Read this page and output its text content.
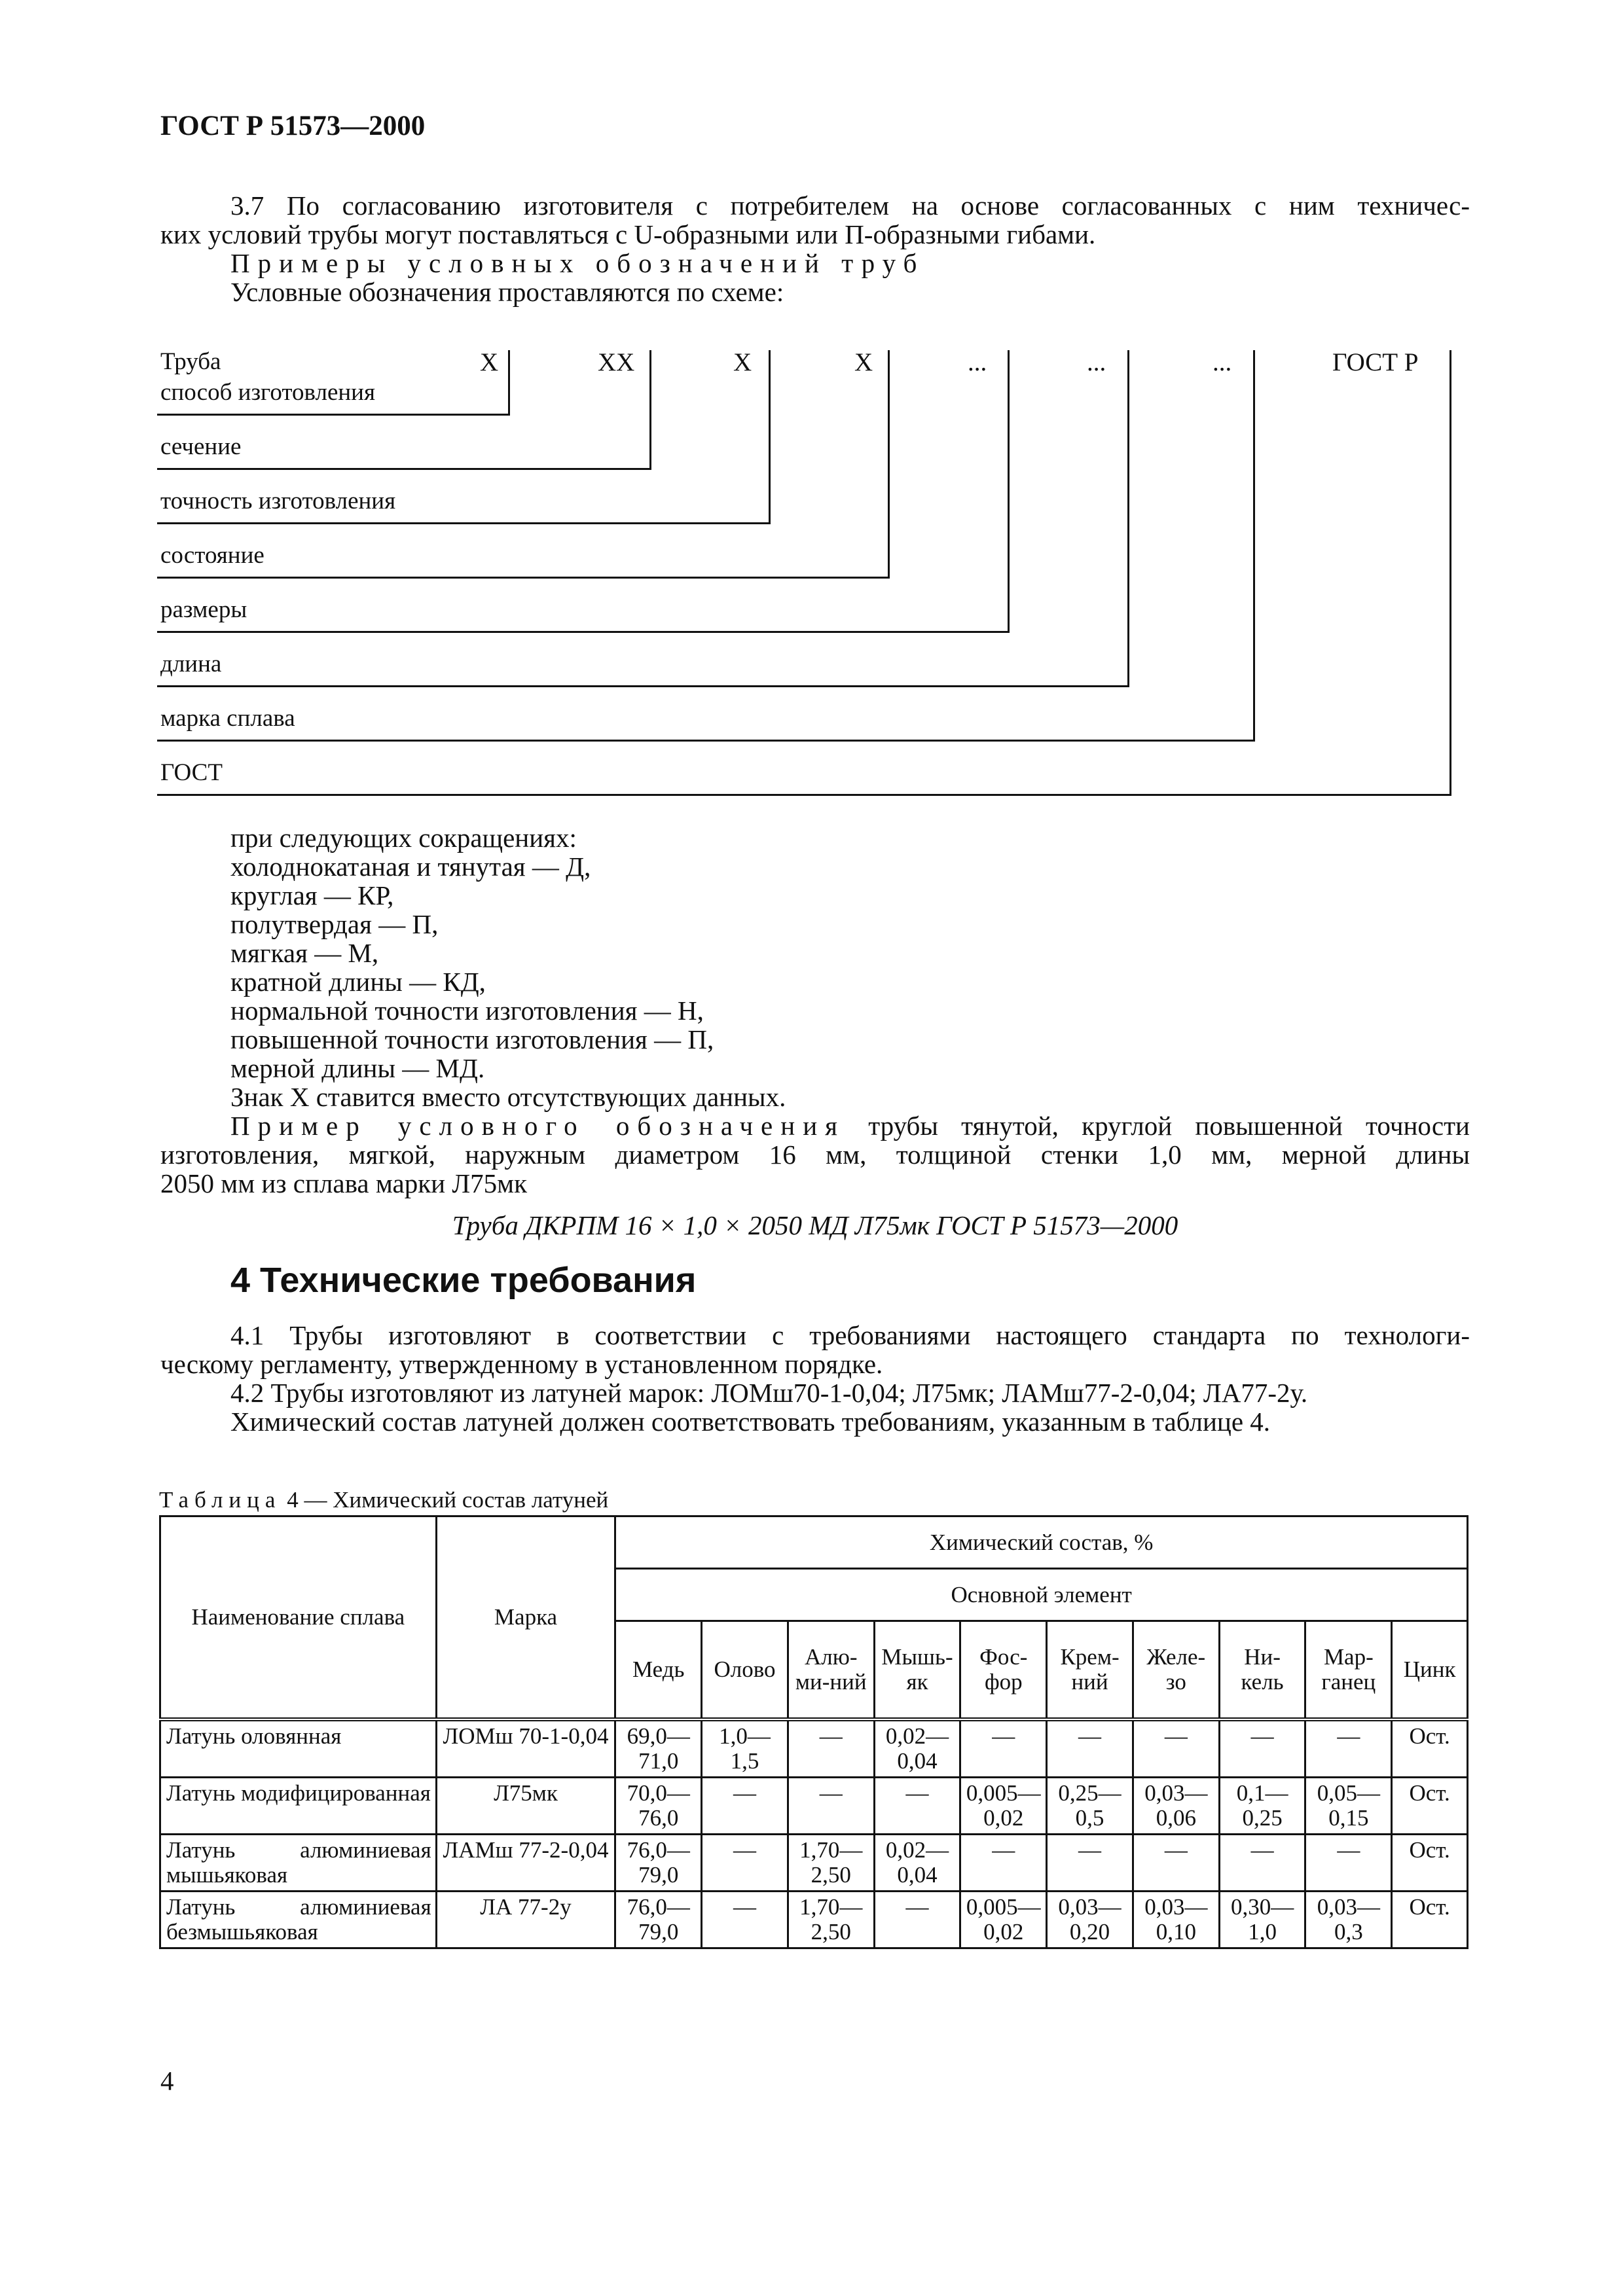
ГОСТ Р 51573—2000
3.7 По согласованию изготовителя с потребителем на основе согласованных с ним техничес-
ких условий трубы могут поставляться с U-образными или П-образными гибами.
Примеры условных обозначений труб
Условные обозначения проставляются по схеме:
Труба	X	XX	X	X	...	...	...	ГОСТ Р
способ изготовления
сечение
точность изготовления
состояние
размеры
длина
марка сплава
ГОСТ
при следующих сокращениях:
холоднокатаная и тянутая — Д,
круглая — КР,
полутвердая — П,
мягкая — М,
кратной длины — КД,
нормальной точности изготовления — Н,
повышенной точности изготовления — П,
мерной длины — МД.
Знак X ставится вместо отсутствующих данных.
Пример условного обозначения трубы тянутой, круглой повышенной точности
изготовления, мягкой, наружным диаметром 16 мм, толщиной стенки 1,0 мм, мерной длины
2050 мм из сплава марки Л75мк
Труба ДКРПМ 16 × 1,0 × 2050 МД Л75мк ГОСТ Р 51573—2000
4 Технические требования
4.1 Трубы изготовляют в соответствии с требованиями настоящего стандарта по технологи-
ческому регламенту, утвержденному в установленном порядке.
4.2 Трубы изготовляют из латуней марок: ЛОМш70-1-0,04; Л75мк; ЛАМш77-2-0,04; ЛА77-2у.
Химический состав латуней должен соответствовать требованиям, указанным в таблице 4.
Таблица 4 — Химический состав латуней
Наименование сплава	Марка	Химический состав, %									
		Основной элемент									
		Медь	Олово	Алю-ми-ний	Мышь-як	Фос-фор	Крем-ний	Желе-зо	Ни-кель	Мар-ганец	Цинк
Латунь оловянная	ЛОМш 70-1-0,04	69,0— 71,0	1,0— 1,5	—	0,02— 0,04	—	—	—	—	—	Ост.
Латунь модифицированная	Л75мк	70,0— 76,0	—	—	—	0,005— 0,02	0,25— 0,5	0,03— 0,06	0,1— 0,25	0,05— 0,15	Ост.
Латунь алюминиевая мышьяковая	ЛАМш 77-2-0,04	76,0— 79,0	—	1,70— 2,50	0,02— 0,04	—	—	—	—	—	Ост.
Латунь алюминиевая безмышьяковая	ЛА 77-2у	76,0— 79,0	—	1,70— 2,50	—	0,005— 0,02	0,03— 0,20	0,03— 0,10	0,30— 1,0	0,03— 0,3	Ост.
4
